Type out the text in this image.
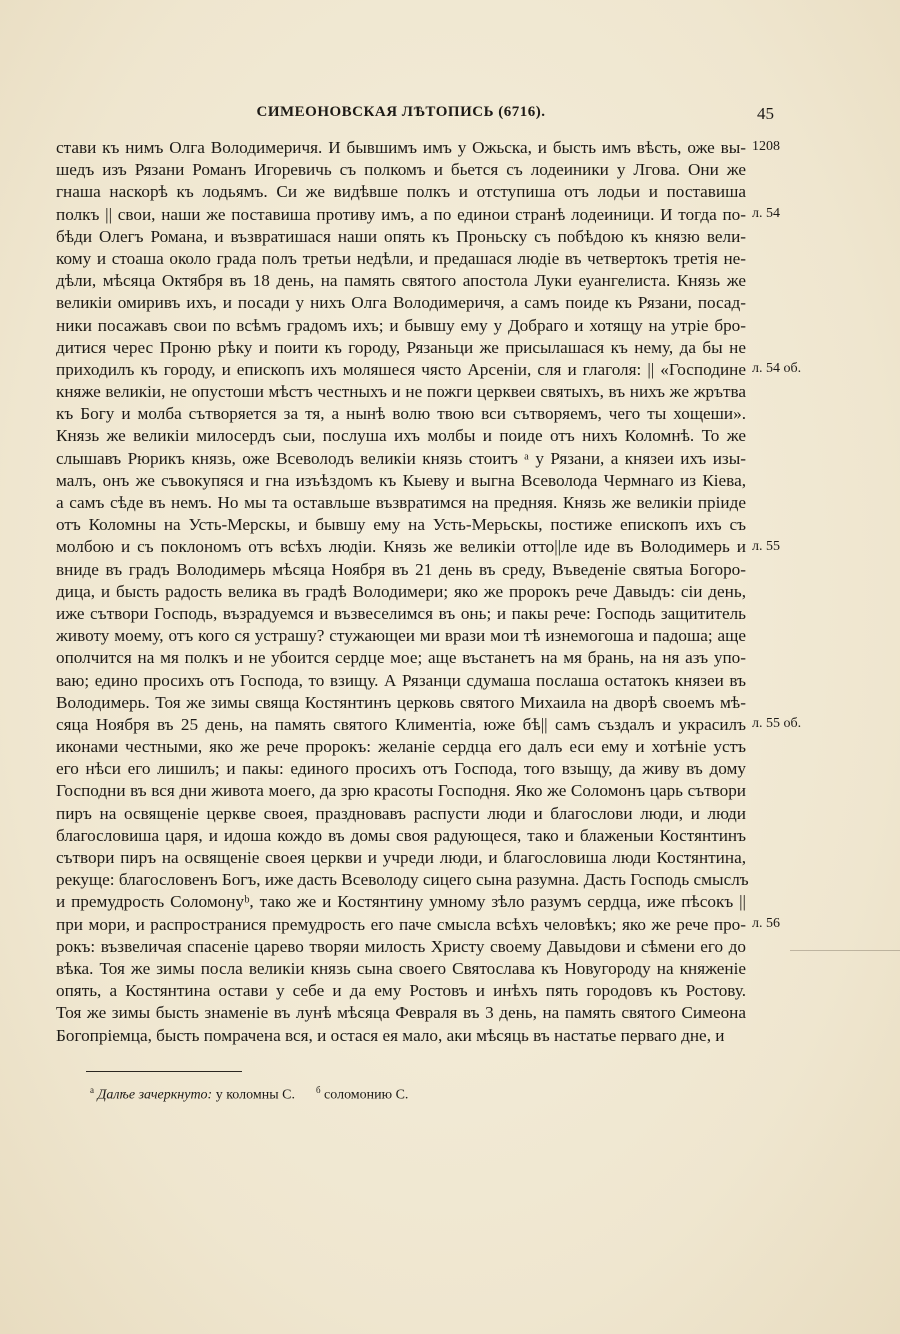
СИМЕОНОВСКАЯ ЛѢТОПИСЬ (6716).	45
стави къ нимъ Олга Володимеричя. И бывшимъ имъ у Ожьска, и бысть имъ вѣсть, оже вы-
шедъ изъ Рязани Романъ Игоревичь съ полкомъ и бьется съ лодеиники у Лгова. Они же
гнаша наскорѣ къ лодьямъ. Си же видѣвше полкъ и отступиша отъ лодьи и поставиша
полкъ || свои, наши же поставиша противу имъ, а по единои странѣ лодеиници. И тогда по-
бѣди Олегъ Романа, и възвратишася наши опять къ Проньску съ побѣдою къ князю вели-
кому и стоаша около града полъ третьи недѣли, и предашася людіе въ четвертокъ третія не-
дѣли, мѣсяца Октября въ 18 день, на память святого апостола Луки еуангелиста. Князь же
великіи омиривъ ихъ, и посади у нихъ Олга Володимеричя, а самъ поиде къ Рязани, посад-
ники посажавъ свои по всѣмъ градомъ ихъ; и бывшу ему у Добраго и хотящу на утріе бро-
дитися черес Проню рѣку и поити къ городу, Рязаньци же присылашася къ нему, да бы не
приходилъ къ городу, и епископъ ихъ моляшеся чясто Арсеніи, сля и глаголя: || «Господине
княже великіи, не опустоши мѣстъ честныхъ и не пожги церквеи святыхъ, въ нихъ же жрътва
къ Богу и молба сътворяется за тя, а нынѣ волю твою вси сътворяемъ, чего ты хощеши».
Князь же великіи милосердъ сыи, послуша ихъ молбы и поиде отъ нихъ Коломнѣ. То же
слышавъ Рюрикъ князь, оже Всеволодъ великіи князь стоитъ ᵃ у Рязани, а князеи ихъ изы-
малъ, онъ же съвокупяся и гна изъѣздомъ къ Кыеву и выгна Всеволода Чермнаго из Кіева,
а самъ сѣде въ немъ. Но мы та оставльше възвратимся на предняя. Князь же великіи пріиде
отъ Коломны на Усть-Мерскы, и бывшу ему на Усть-Мерьскы, постиже епископъ ихъ съ
молбою и съ поклономъ отъ всѣхъ людіи. Князь же великіи отто||ле иде въ Володимерь и
вниде въ градъ Володимерь мѣсяца Ноября въ 21 день въ среду, Въведеніе святыа Богоро-
дица, и бысть радость велика въ градѣ Володимери; яко же пророкъ рече Давыдъ: сіи день,
иже сътвори Господь, възрадуемся и възвеселимся въ онь; и пакы рече: Господь защититель
животу моему, отъ кого ся устрашу? стужающеи ми врази мои тѣ изнемогоша и падоша; аще
ополчится на мя полкъ и не убоится сердце мое; аще въстанетъ на мя брань, на ня азъ упо-
ваю; едино просихъ отъ Господа, то взищу. А Рязанци сдумаша послаша остатокъ князеи въ
Володимерь. Тоя же зимы свяща Костянтинъ церковь святого Михаила на дворѣ своемъ мѣ-
сяца Ноября въ 25 день, на память святого Климентіа, юже бѣ|| самъ създалъ и украсилъ
иконами честными, яко же рече пророкъ: желаніе сердца его далъ еси ему и хотѣніе устъ
его нѣси его лишилъ; и пакы: единого просихъ отъ Господа, того взыщу, да живу въ дому
Господни въ вся дни живота моего, да зрю красоты Господня. Яко же Соломонъ царь сътвори
пиръ на освященіе церкве своея, праздновавъ распусти люди и благослови люди, и люди
благословиша царя, и идоша кождо въ домы своя радующеся, тако и блаженыи Костянтинъ
сътвори пиръ на освященіе своея церкви и учреди люди, и благословиша люди Костянтина,
рекуще: благословенъ Богъ, иже дасть Всеволоду сицего сына разумна. Дасть Господь смыслъ
и премудрость Соломонуᵇ, тако же и Костянтину умному зѣло разумъ сердца, иже пѣсокъ ||
при мори, и распространися премудрость его паче смысла всѣхъ человѣкъ; яко же рече про-
рокъ: възвеличая спасеніе царево творяи милость Христу своему Давыдови и сѣмени его до
вѣка. Тоя же зимы посла великіи князь сына своего Святослава къ Новугороду на княженіе
опять, а Костянтина остави у себе и да ему Ростовъ и инѣхъ пять городовъ къ Ростову.
Тоя же зимы бысть знаменіе въ лунѣ мѣсяца Февраля въ 3 день, на память святого Симеона
Богопріемца, бысть помрачена вся, и остася ея мало, аки мѣсяць въ настатье перваго дне, и
1208
л. 54
л. 54 об.
л. 55
л. 55 об.
л. 56
$^а$ Далѣе зачеркнуто: у коломны С. $^б$ соломонию С.
